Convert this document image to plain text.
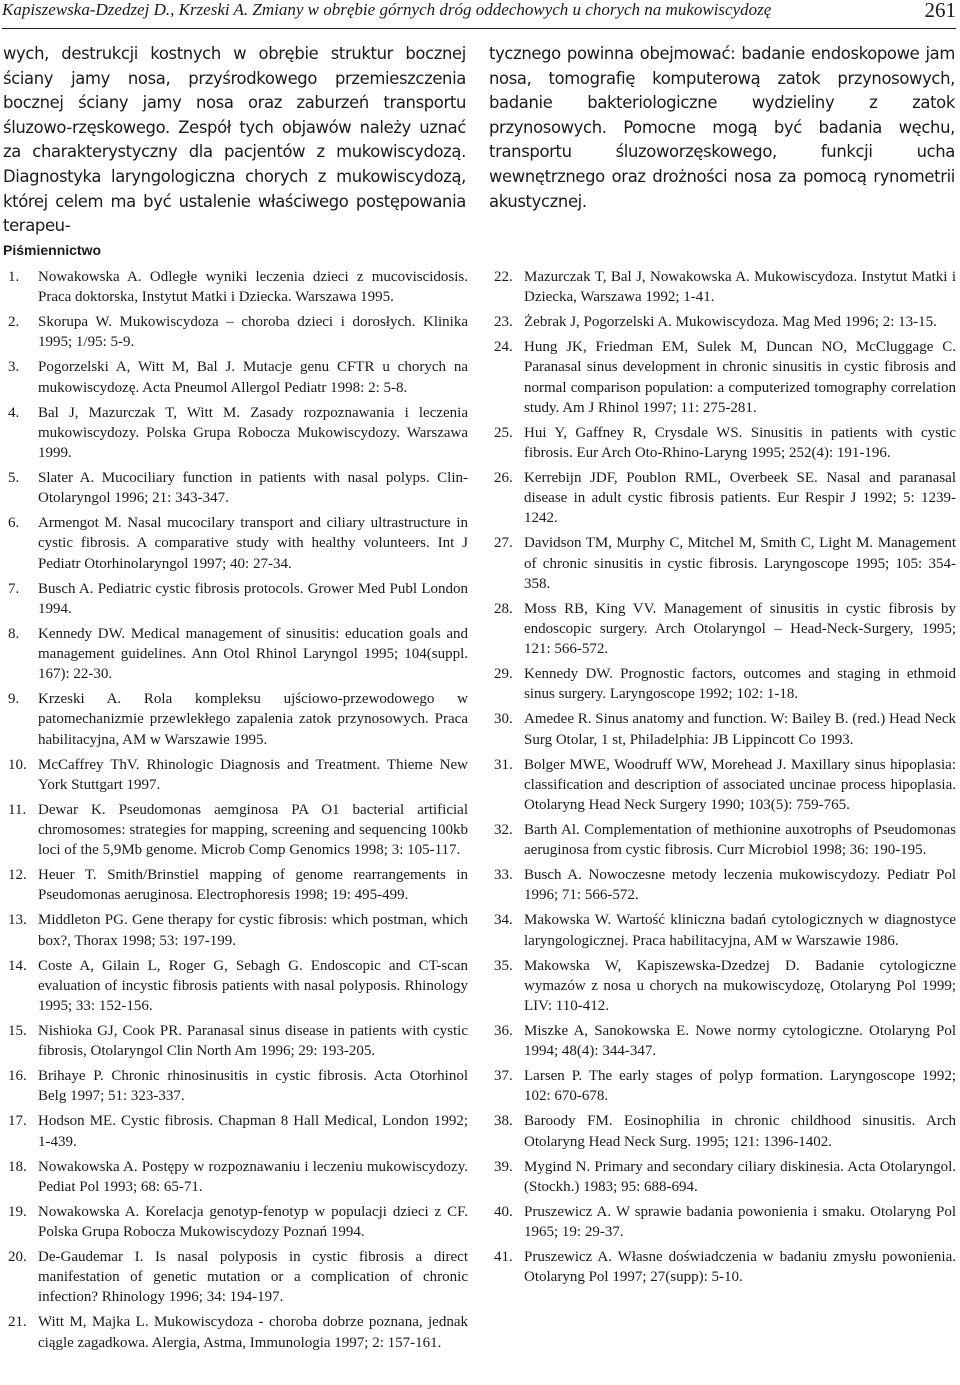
Kapiszewska-Dzedzej D., Krzeski A. Zmiany w obrębie górnych dróg oddechowych u chorych na mukowiscydozę	261
wych, destrukcji kostnych w obrębie struktur bocznej ściany jamy nosa, przyśrodkowego przemieszczenia bocznej ściany jamy nosa oraz zaburzeń transportu śluzowo-rzęskowego. Zespół tych objawów należy uznać za charakterystyczny dla pacjentów z mukowiscydozą. Diagnostyka laryngologiczna chorych z mukowiscydozą, której celem ma być ustalenie właściwego postępowania terapeu-
tycznego powinna obejmować: badanie endoskopowe jam nosa, tomografię komputerową zatok przynosowych, badanie bakteriologiczne wydzieliny z zatok przynosowych. Pomocne mogą być badania węchu, transportu śluzoworzęskowego, funkcji ucha wewnętrznego oraz drożności nosa za pomocą rynometrii akustycznej.
Piśmiennictwo
1. Nowakowska A. Odległe wyniki leczenia dzieci z mucoviscidosis. Praca doktorska, Instytut Matki i Dziecka. Warszawa 1995.
2. Skorupa W. Mukowiscydoza – choroba dzieci i dorosłych. Klinika 1995; 1/95: 5-9.
3. Pogorzelski A, Witt M, Bal J. Mutacje genu CFTR u chorych na mukowiscydozę. Acta Pneumol Allergol Pediatr 1998: 2: 5-8.
4. Bal J, Mazurczak T, Witt M. Zasady rozpoznawania i leczenia mukowiscydozy. Polska Grupa Robocza Mukowiscydozy. Warszawa 1999.
5. Slater A. Mucociliary function in patients with nasal polyps. Clin-Otolaryngol 1996; 21: 343-347.
6. Armengot M. Nasal mucocilary transport and ciliary ultrastructure in cystic fibrosis. A comparative study with healthy volunteers. Int J Pediatr Otorhinolaryngol 1997; 40: 27-34.
7. Busch A. Pediatric cystic fibrosis protocols. Grower Med Publ London 1994.
8. Kennedy DW. Medical management of sinusitis: education goals and management guidelines. Ann Otol Rhinol Laryngol 1995; 104(suppl. 167): 22-30.
9. Krzeski A. Rola kompleksu ujściowo-przewodowego w patomechanizmie przewlekłego zapalenia zatok przynosowych. Praca habilitacyjna, AM w Warszawie 1995.
10. McCaffrey ThV. Rhinologic Diagnosis and Treatment. Thieme New York Stuttgart 1997.
11. Dewar K. Pseudomonas aemginosa PA O1 bacterial artificial chromosomes: strategies for mapping, screening and sequencing 100kb loci of the 5,9Mb genome. Microb Comp Genomics 1998; 3: 105-117.
12. Heuer T. Smith/Brinstiel mapping of genome rearrangements in Pseudomonas aeruginosa. Electrophoresis 1998; 19: 495-499.
13. Middleton PG. Gene therapy for cystic fibrosis: which postman, which box?, Thorax 1998; 53: 197-199.
14. Coste A, Gilain L, Roger G, Sebagh G. Endoscopic and CT-scan evaluation of incystic fibrosis patients with nasal polyposis. Rhinology 1995; 33: 152-156.
15. Nishioka GJ, Cook PR. Paranasal sinus disease in patients with cystic fibrosis, Otolaryngol Clin North Am 1996; 29: 193-205.
16. Brihaye P. Chronic rhinosinusitis in cystic fibrosis. Acta Otorhinol Belg 1997; 51: 323-337.
17. Hodson ME. Cystic fibrosis. Chapman 8 Hall Medical, London 1992; 1-439.
18. Nowakowska A. Postępy w rozpoznawaniu i leczeniu mukowiscydozy. Pediat Pol 1993; 68: 65-71.
19. Nowakowska A. Korelacja genotyp-fenotyp w populacji dzieci z CF. Polska Grupa Robocza Mukowiscydozy Poznań 1994.
20. De-Gaudemar I. Is nasal polyposis in cystic fibrosis a direct manifestation of genetic mutation or a complication of chronic infection? Rhinology 1996; 34: 194-197.
21. Witt M, Majka L. Mukowiscydoza - choroba dobrze poznana, jednak ciągle zagadkowa. Alergia, Astma, Immunologia 1997; 2: 157-161.
22. Mazurczak T, Bal J, Nowakowska A. Mukowiscydoza. Instytut Matki i Dziecka, Warszawa 1992; 1-41.
23. Żebrak J, Pogorzelski A. Mukowiscydoza. Mag Med 1996; 2: 13-15.
24. Hung JK, Friedman EM, Sulek M, Duncan NO, McCluggage C. Paranasal sinus development in chronic sinusitis in cystic fibrosis and normal comparison population: a computerized tomography correlation study. Am J Rhinol 1997; 11: 275-281.
25. Hui Y, Gaffney R, Crysdale WS. Sinusitis in patients with cystic fibrosis. Eur Arch Oto-Rhino-Laryng 1995; 252(4): 191-196.
26. Kerrebijn JDF, Poublon RML, Overbeek SE. Nasal and paranasal disease in adult cystic fibrosis patients. Eur Respir J 1992; 5: 1239-1242.
27. Davidson TM, Murphy C, Mitchel M, Smith C, Light M. Management of chronic sinusitis in cystic fibrosis. Laryngoscope 1995; 105: 354-358.
28. Moss RB, King VV. Management of sinusitis in cystic fibrosis by endoscopic surgery. Arch Otolaryngol – Head-Neck-Surgery, 1995; 121: 566-572.
29. Kennedy DW. Prognostic factors, outcomes and staging in ethmoid sinus surgery. Laryngoscope 1992; 102: 1-18.
30. Amedee R. Sinus anatomy and function. W: Bailey B. (red.) Head Neck Surg Otolar, 1 st, Philadelphia: JB Lippincott Co 1993.
31. Bolger MWE, Woodruff WW, Morehead J. Maxillary sinus hipoplasia: classification and description of associated uncinae process hipoplasia. Otolaryng Head Neck Surgery 1990; 103(5): 759-765.
32. Barth Al. Complementation of methionine auxotrophs of Pseudomonas aeruginosa from cystic fibrosis. Curr Microbiol 1998; 36: 190-195.
33. Busch A. Nowoczesne metody leczenia mukowiscydozy. Pediatr Pol 1996; 71: 566-572.
34. Makowska W. Wartość kliniczna badań cytologicznych w diagnostyce laryngologicznej. Praca habilitacyjna, AM w Warszawie 1986.
35. Makowska W, Kapiszewska-Dzedzej D. Badanie cytologiczne wymazów z nosa u chorych na mukowiscydozę, Otolaryng Pol 1999; LIV: 110-412.
36. Miszke A, Sanokowska E. Nowe normy cytologiczne. Otolaryng Pol 1994; 48(4): 344-347.
37. Larsen P. The early stages of polyp formation. Laryngoscope 1992; 102: 670-678.
38. Baroody FM. Eosinophilia in chronic childhood sinusitis. Arch Otolaryng Head Neck Surg. 1995; 121: 1396-1402.
39. Mygind N. Primary and secondary ciliary diskinesia. Acta Otolaryngol. (Stockh.) 1983; 95: 688-694.
40. Pruszewicz A. W sprawie badania powonienia i smaku. Otolaryng Pol 1965; 19: 29-37.
41. Pruszewicz A. Własne doświadczenia w badaniu zmysłu powonienia. Otolaryng Pol 1997; 27(supp): 5-10.
